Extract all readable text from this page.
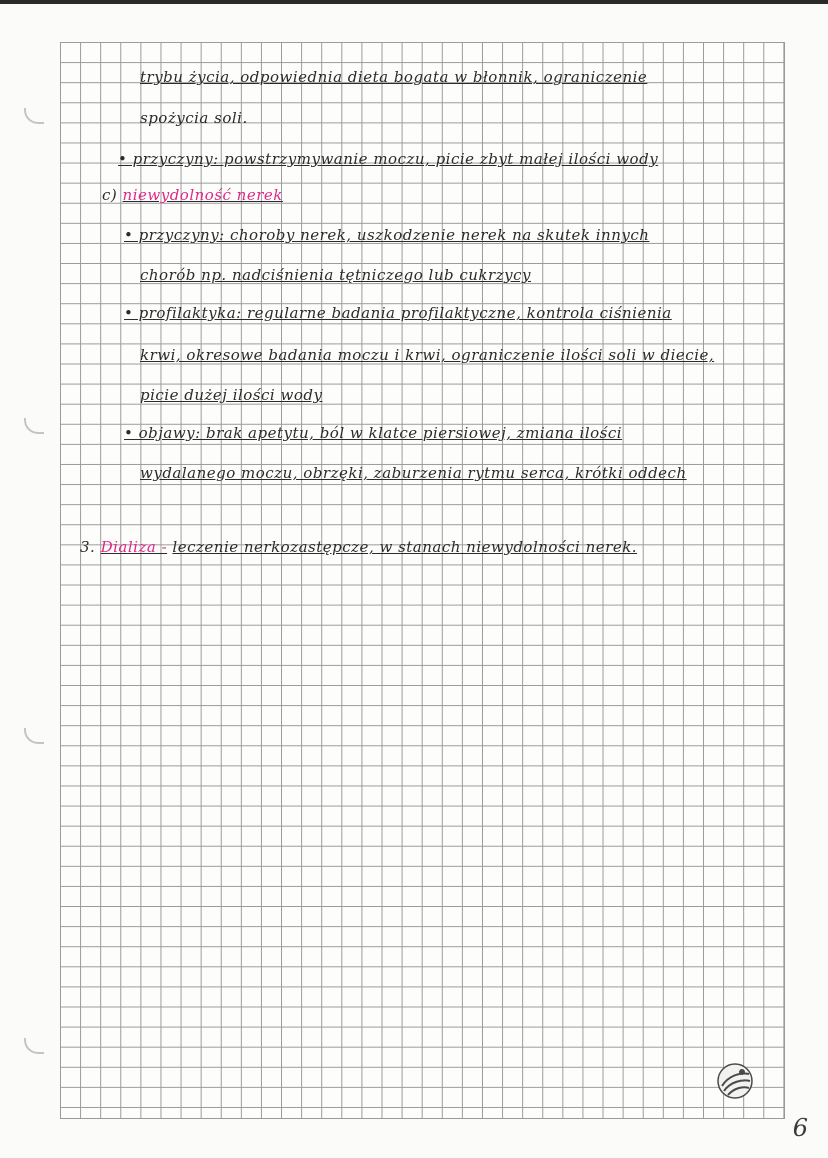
trybu życia, odpowiednia dieta bogata w błonnik, ograniczenie

spożycia soli.

• przyczyny: powstrzymywanie moczu, picie zbyt małej ilości wody

c) niewydolność nerek

• przyczyny: choroby nerek, uszkodzenie nerek na skutek innych

chorób np. nadciśnienia tętniczego lub cukrzycy

• profilaktyka: regularne badania profilaktyczne, kontrola ciśnienia

krwi, okresowe badania moczu i krwi, ograniczenie ilości soli w diecie,

picie dużej ilości wody

• objawy: brak apetytu, ból w klatce piersiowej, zmiana ilości

wydalanego moczu, obrzęki, zaburzenia rytmu serca, krótki oddech

3. Dializa - leczenie nerkozastępcze, w stanach niewydolności nerek.

6
